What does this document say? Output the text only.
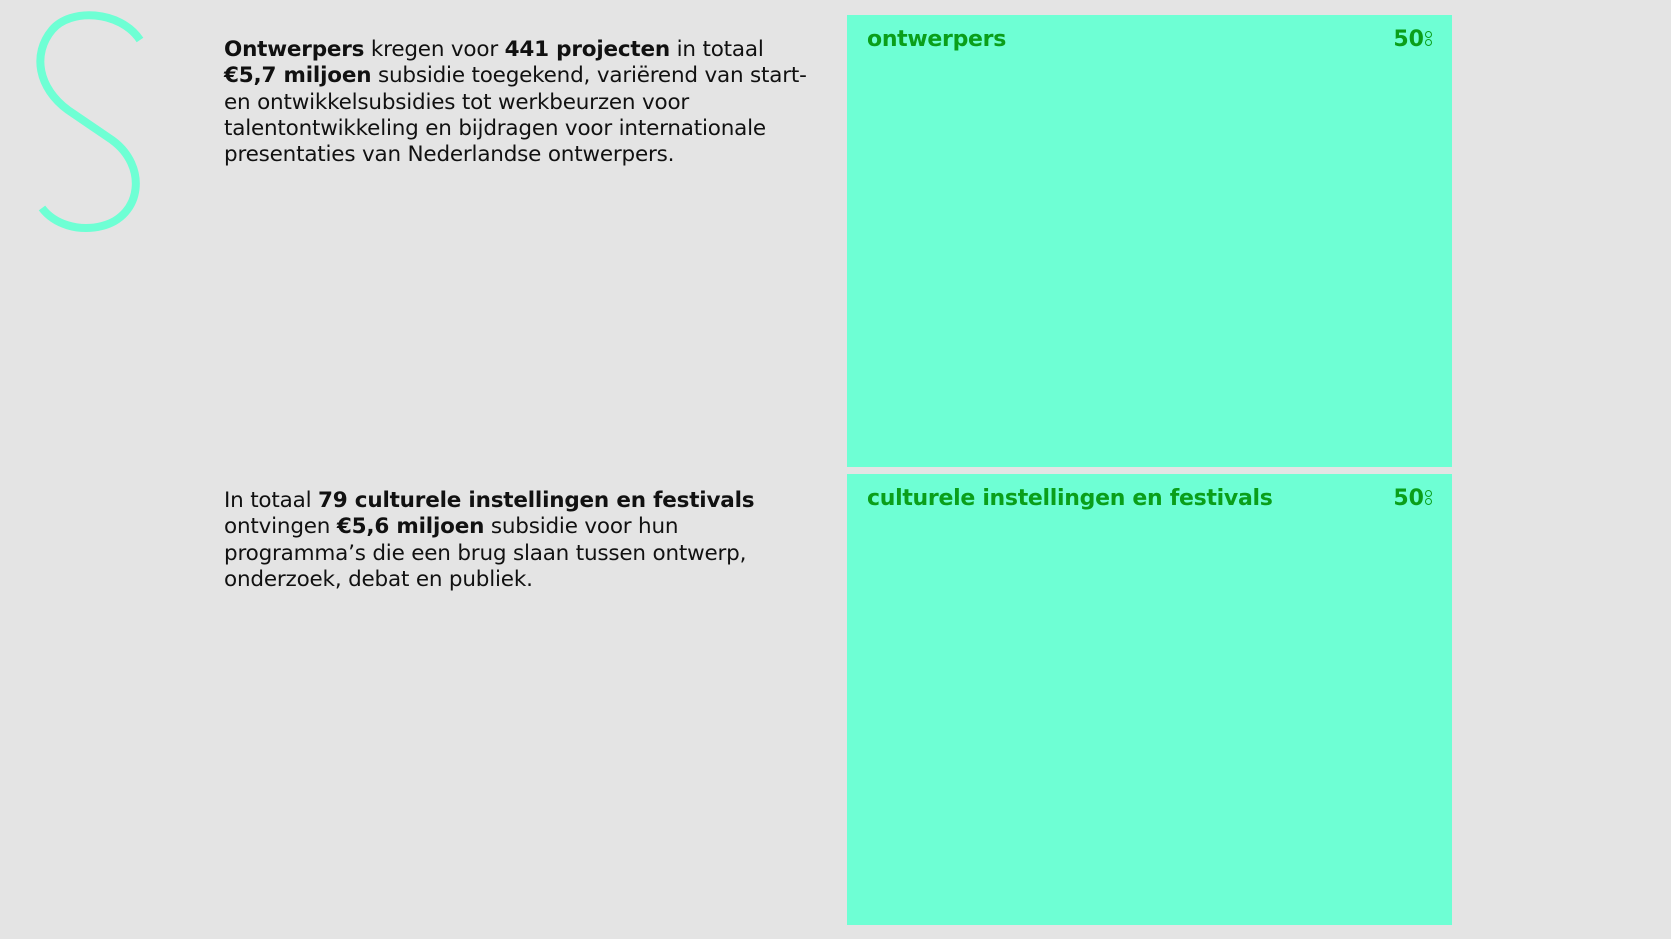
Ontwerpers kregen voor 441 projecten in totaal €5,7 miljoen subsidie toegekend, variërend van start- en ontwikkelsubsidies tot werkbeurzen voor talentontwikkeling en bijdragen voor internationale presentaties van Nederlandse ontwerpers.

In totaal 79 culturele instellingen en festivals ontvingen €5,6 miljoen subsidie voor hun programma’s die een brug slaan tussen ontwerp, onderzoek, debat en publiek.

ontwerpers	50
culturele instellingen en festivals	50
